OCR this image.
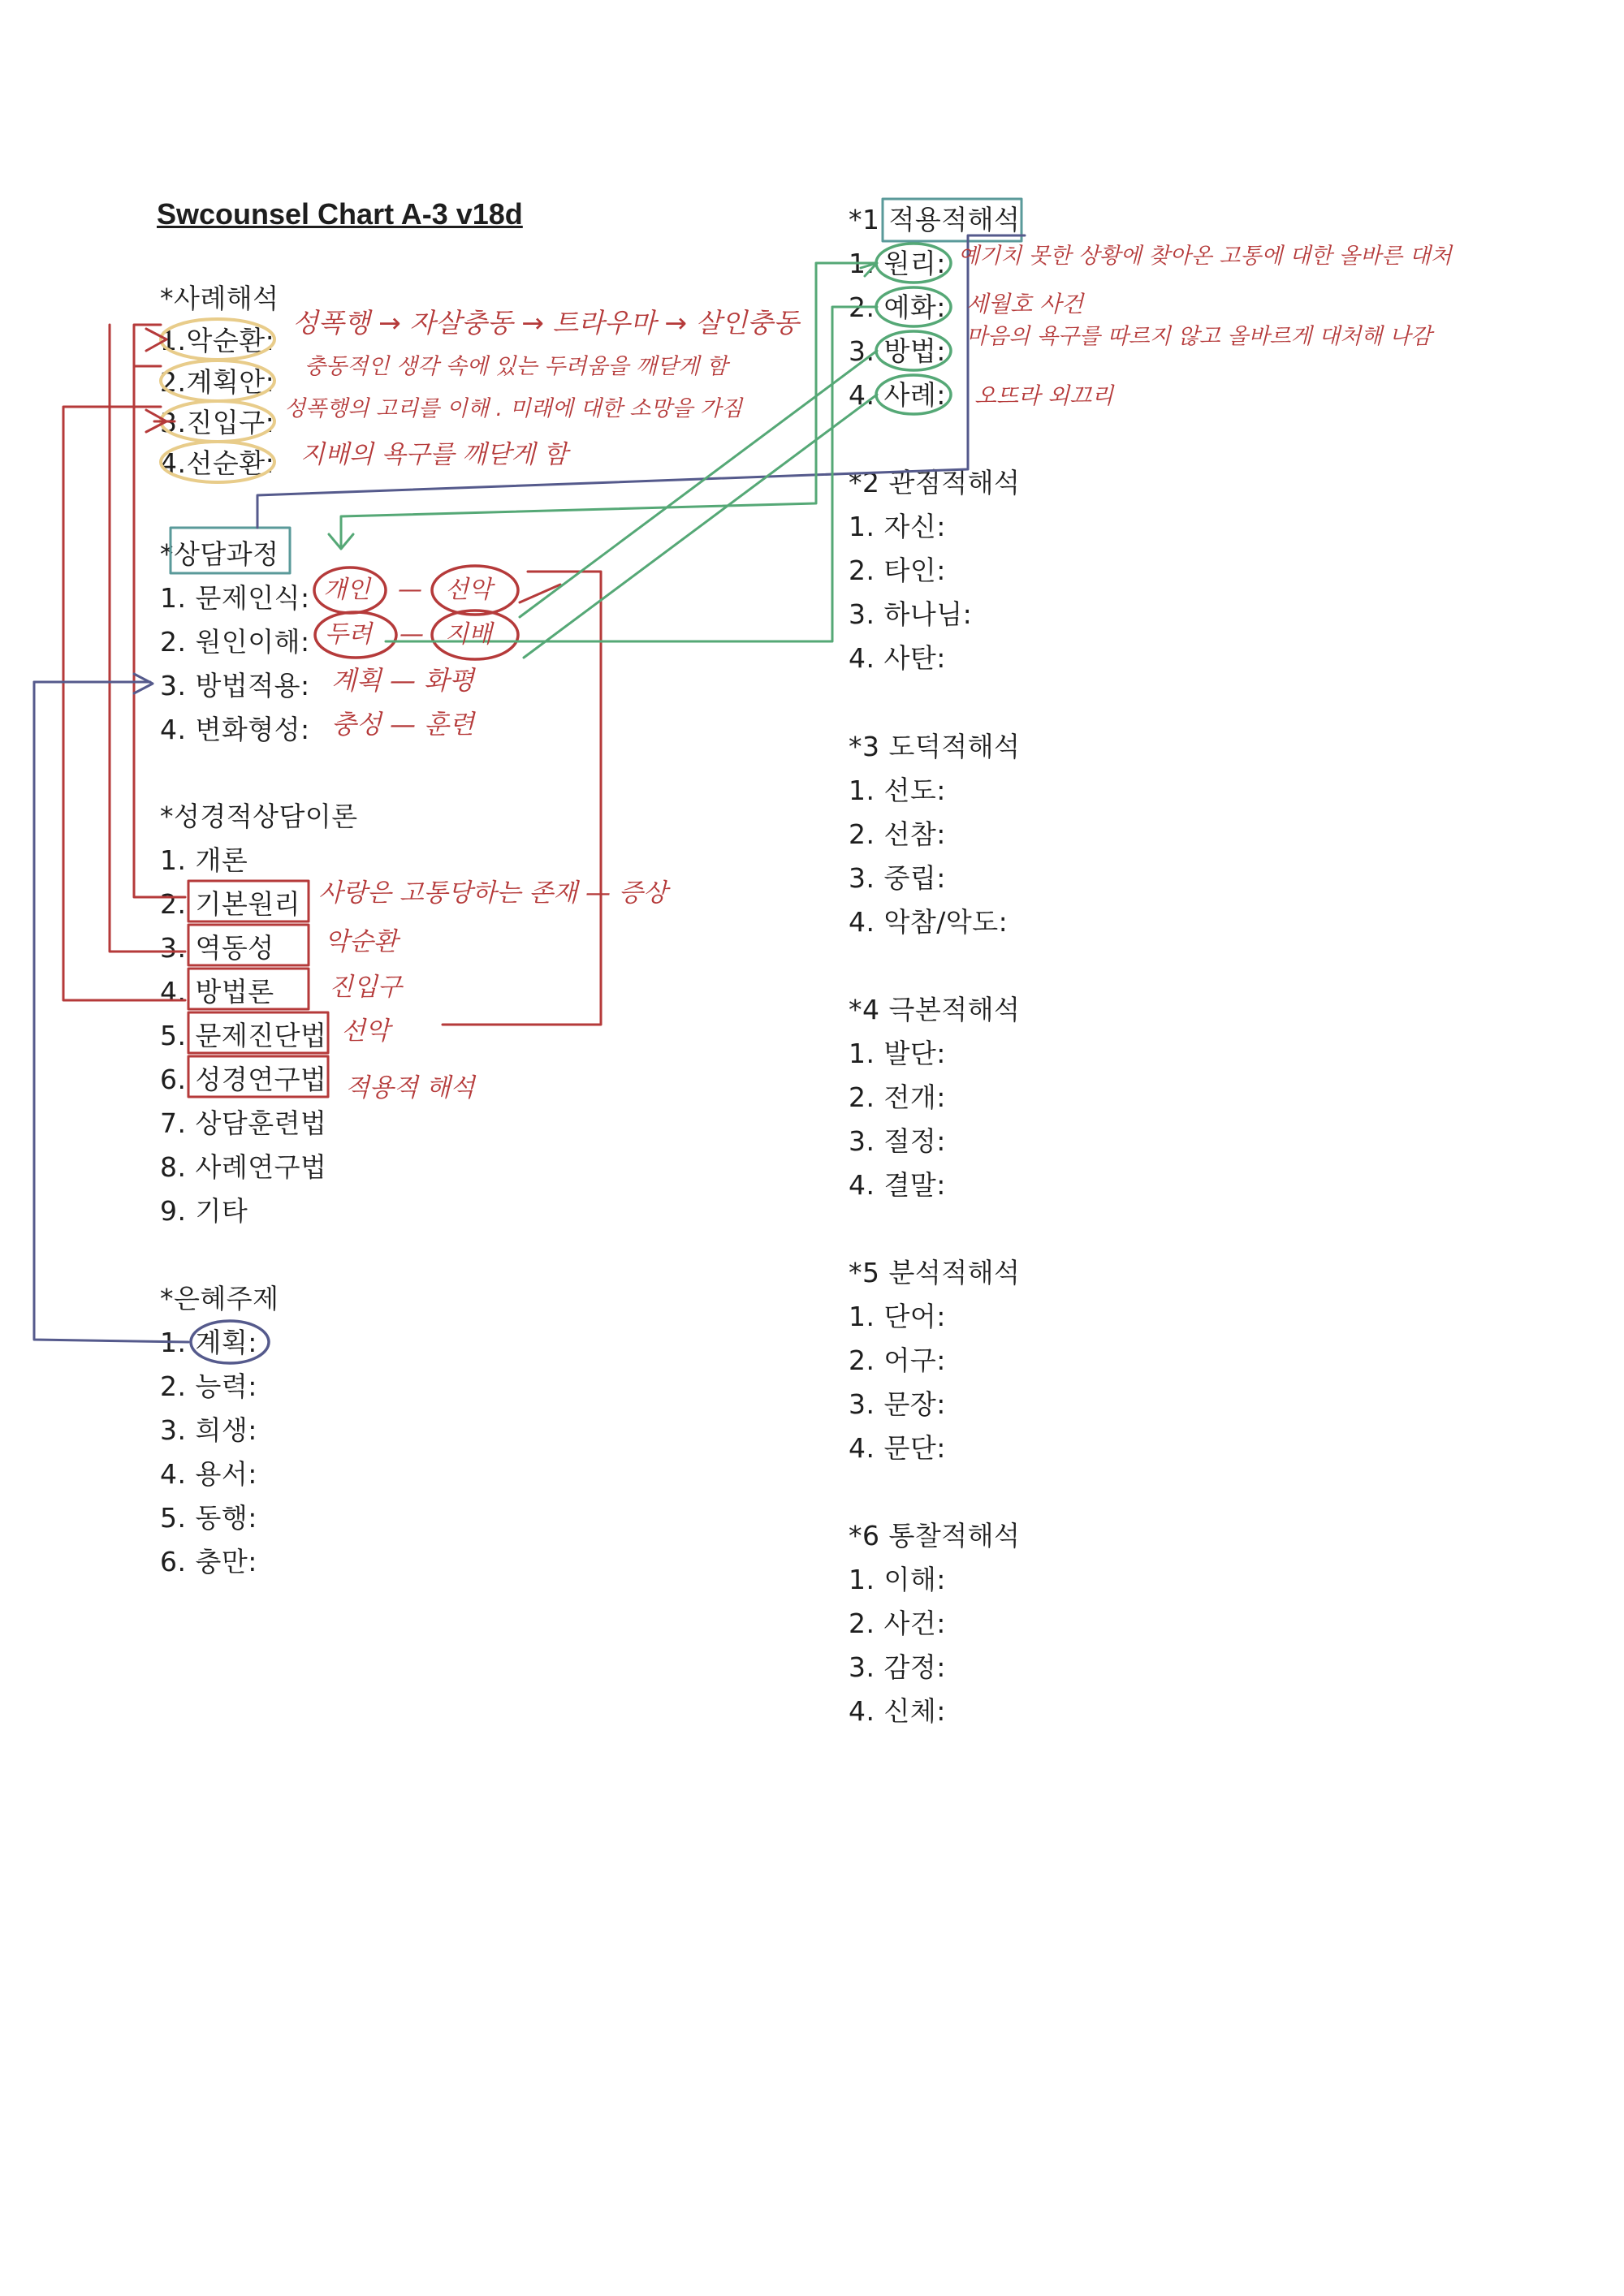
Swcounsel Chart A-3 v18d
*사례해석
1.악순환:
2.계획안:
3.진입구:
4.선순환:
*상담과정
1. 문제인식:
2. 원인이해:
3. 방법적용:
4. 변화형성:
*성경적상담이론
1. 개론
2. 기본원리
3. 역동성
4. 방법론
5. 문제진단법
6. 성경연구법
7. 상담훈련법
8. 사례연구법
9. 기타
*은혜주제
1. 계획:
2. 능력:
3. 희생:
4. 용서:
5. 동행:
6. 충만:
*1 적용적해석
1. 원리:
2. 예화:
3. 방법:
4. 사례:
*2 관점적해석
1. 자신:
2. 타인:
3. 하나님:
4. 사탄:
*3 도덕적해석
1. 선도:
2. 선참:
3. 중립:
4. 악참/악도:
*4 극본적해석
1. 발단:
2. 전개:
3. 절정:
4. 결말:
*5 분석적해석
1. 단어:
2. 어구:
3. 문장:
4. 문단:
*6 통찰적해석
1. 이해:
2. 사건:
3. 감정:
4. 신체:
성폭행 → 자살충동 → 트라우마 → 살인충동
충동적인 생각 속에 있는 두려움을 깨닫게 함
성폭행의 고리를 이해 . 미래에 대한 소망을 가짐
지배의 욕구를 깨닫게 함
개인 — 선악
두려 — 지배
계획 — 화평
충성 — 훈련
사랑은 고통당하는 존재 — 증상
악순환
진입구
선악
적용적 해석
예기치 못한 상황에 찾아온 고통에 대한 올바른 대처
세월호 사건
마음의 욕구를 따르지 않고 올바르게 대처해 나감
오뜨라 외끄리
